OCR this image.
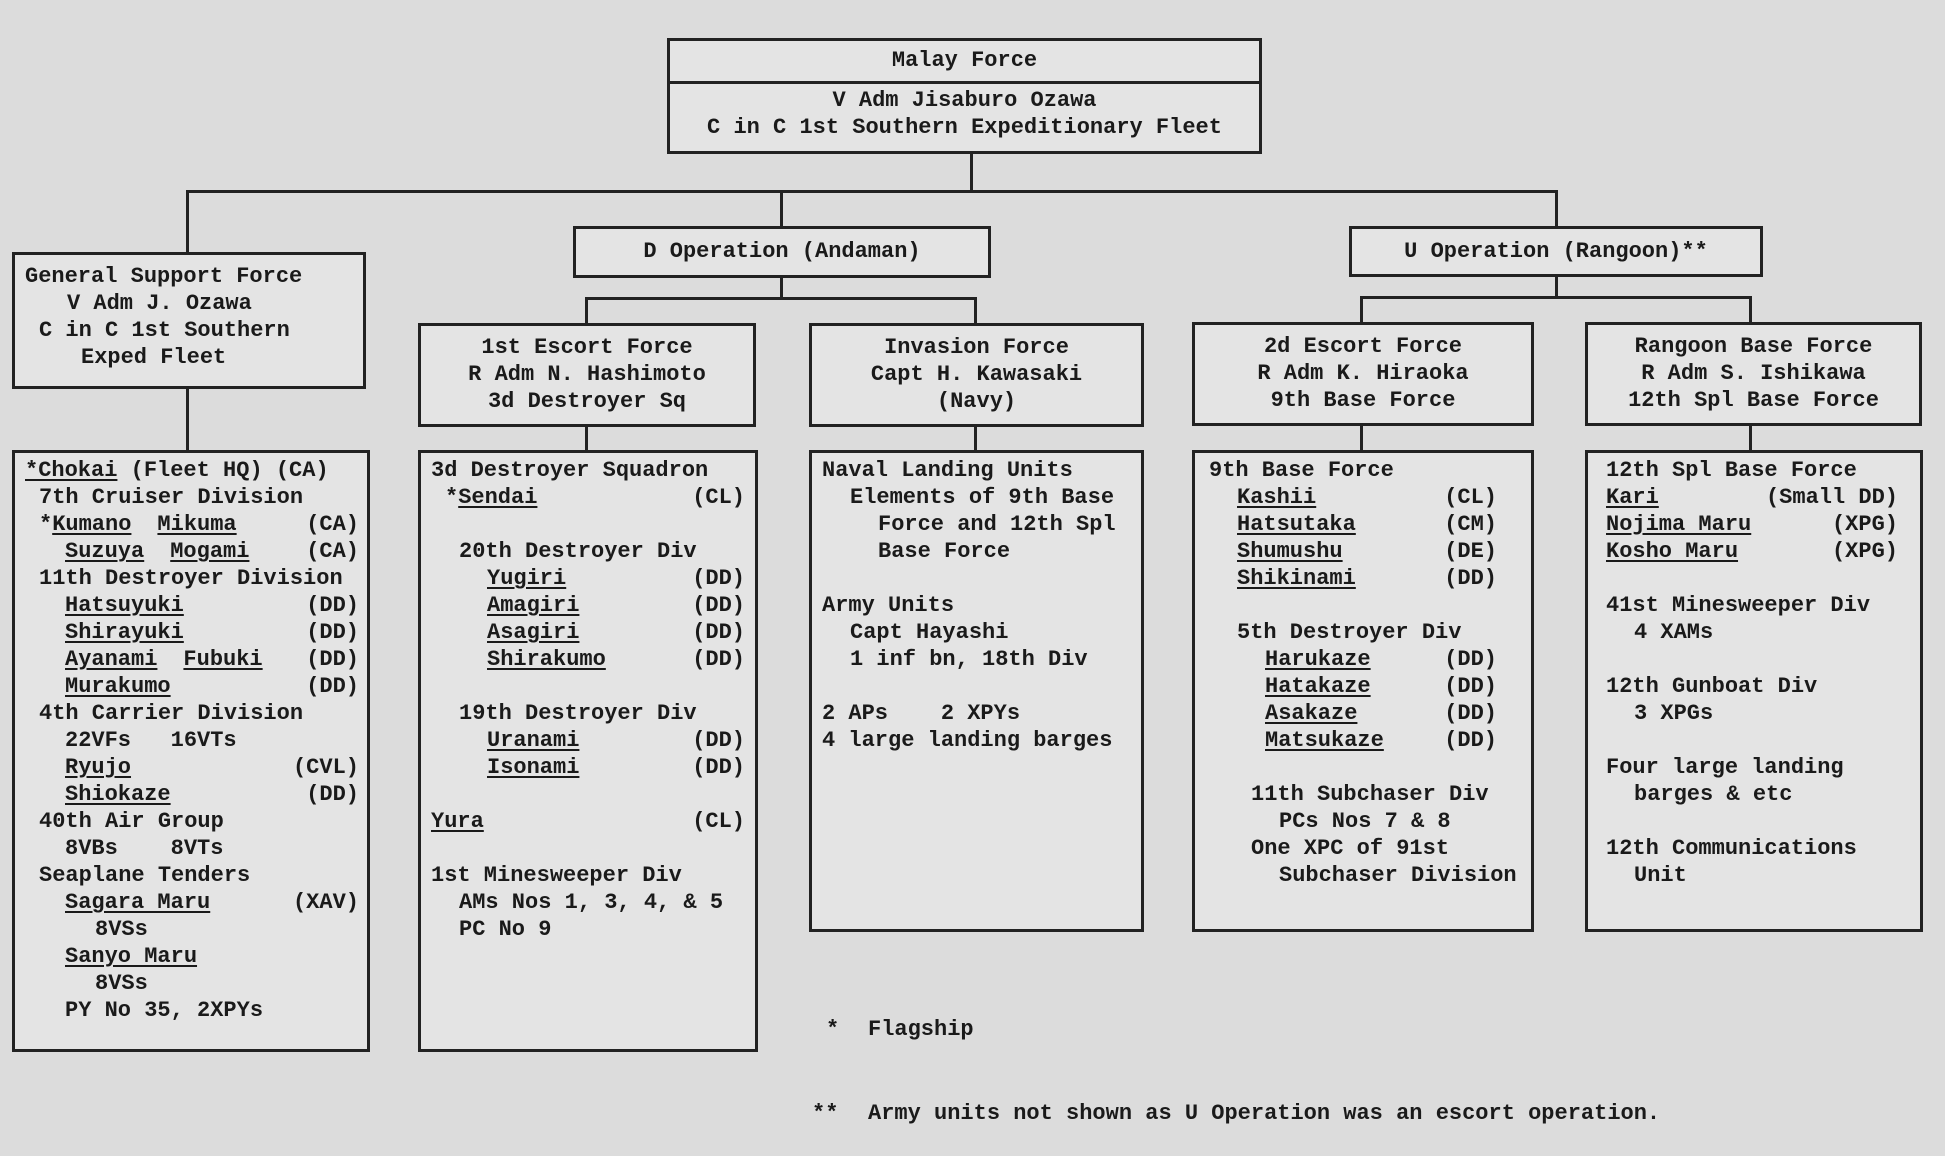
Malay Force
V Adm Jisaburo Ozawa
C in C 1st Southern Expeditionary Fleet
D Operation (Andaman)	U Operation (Rangoon)**
General Support Force
V Adm J. Ozawa
C in C 1st Southern
Exped Fleet	1st Escort Force
R Adm N. Hashimoto
3d Destroyer Sq
Invasion Force
Capt H. Kawasaki
(Navy)
2d Escort Force
R Adm K. Hiraoka
9th Base Force
Rangoon Base Force
R Adm S. Ishikawa
12th Spl Base Force
*Chokai (Fleet HQ) (CA)
7th Cruiser Division
* Kumano Mikuma	(CA)
Suzuya Mogami	(CA)
11th Destroyer Division
Hatsuyuki	(DD)
Shirayuki	(DD)
Ayanami Fubuki (DD)
Murakumo	(DD)
4th Carrier Division
22VFs   16VTs
Ryujo	(CVL)
Shiokaze	(DD)
40th Air Group
8VBs    8VTs
Seaplane Tenders
Sagara Maru	(XAV)
8VSs
Sanyo Maru
8VSs
PY No 35, 2XPYs
3d Destroyer Squadron
* Sendai	(CL)
20th Destroyer Div
Yugiri	(DD)
Amagiri	(DD)
Asagiri	(DD)
Shirakumo	(DD)
19th Destroyer Div
Uranami	(DD)
Isonami	(DD)
Yura	(CL)
1st Minesweeper Div
AMs Nos 1, 3, 4, & 5
PC No 9
Naval Landing Units
Elements of 9th Base
Force and 12th Spl
Base Force
Army Units
Capt Hayashi
1 inf bn, 18th Div
2 APs    2 XPYs
4 large landing barges
9th Base Force
Kashii	(CL)
Hatsutaka	(CM)
Shumushu	(DE)
Shikinami	(DD)
5th Destroyer Div
Harukaze	(DD)
Hatakaze	(DD)
Asakaze	(DD)
Matsukaze	(DD)
11th Subchaser Div
PCs Nos 7 & 8
One XPC of 91st
Subchaser Division
12th Spl Base Force
Kari	(Small DD)
Nojima Maru	(XPG)
Kosho Maru	(XPG)
41st Minesweeper Div
4 XAMs
12th Gunboat Div
3 XPGs
Four large landing
barges & etc
12th Communications
Unit

* Flagship

** Army units not shown as U Operation was an escort operation.
